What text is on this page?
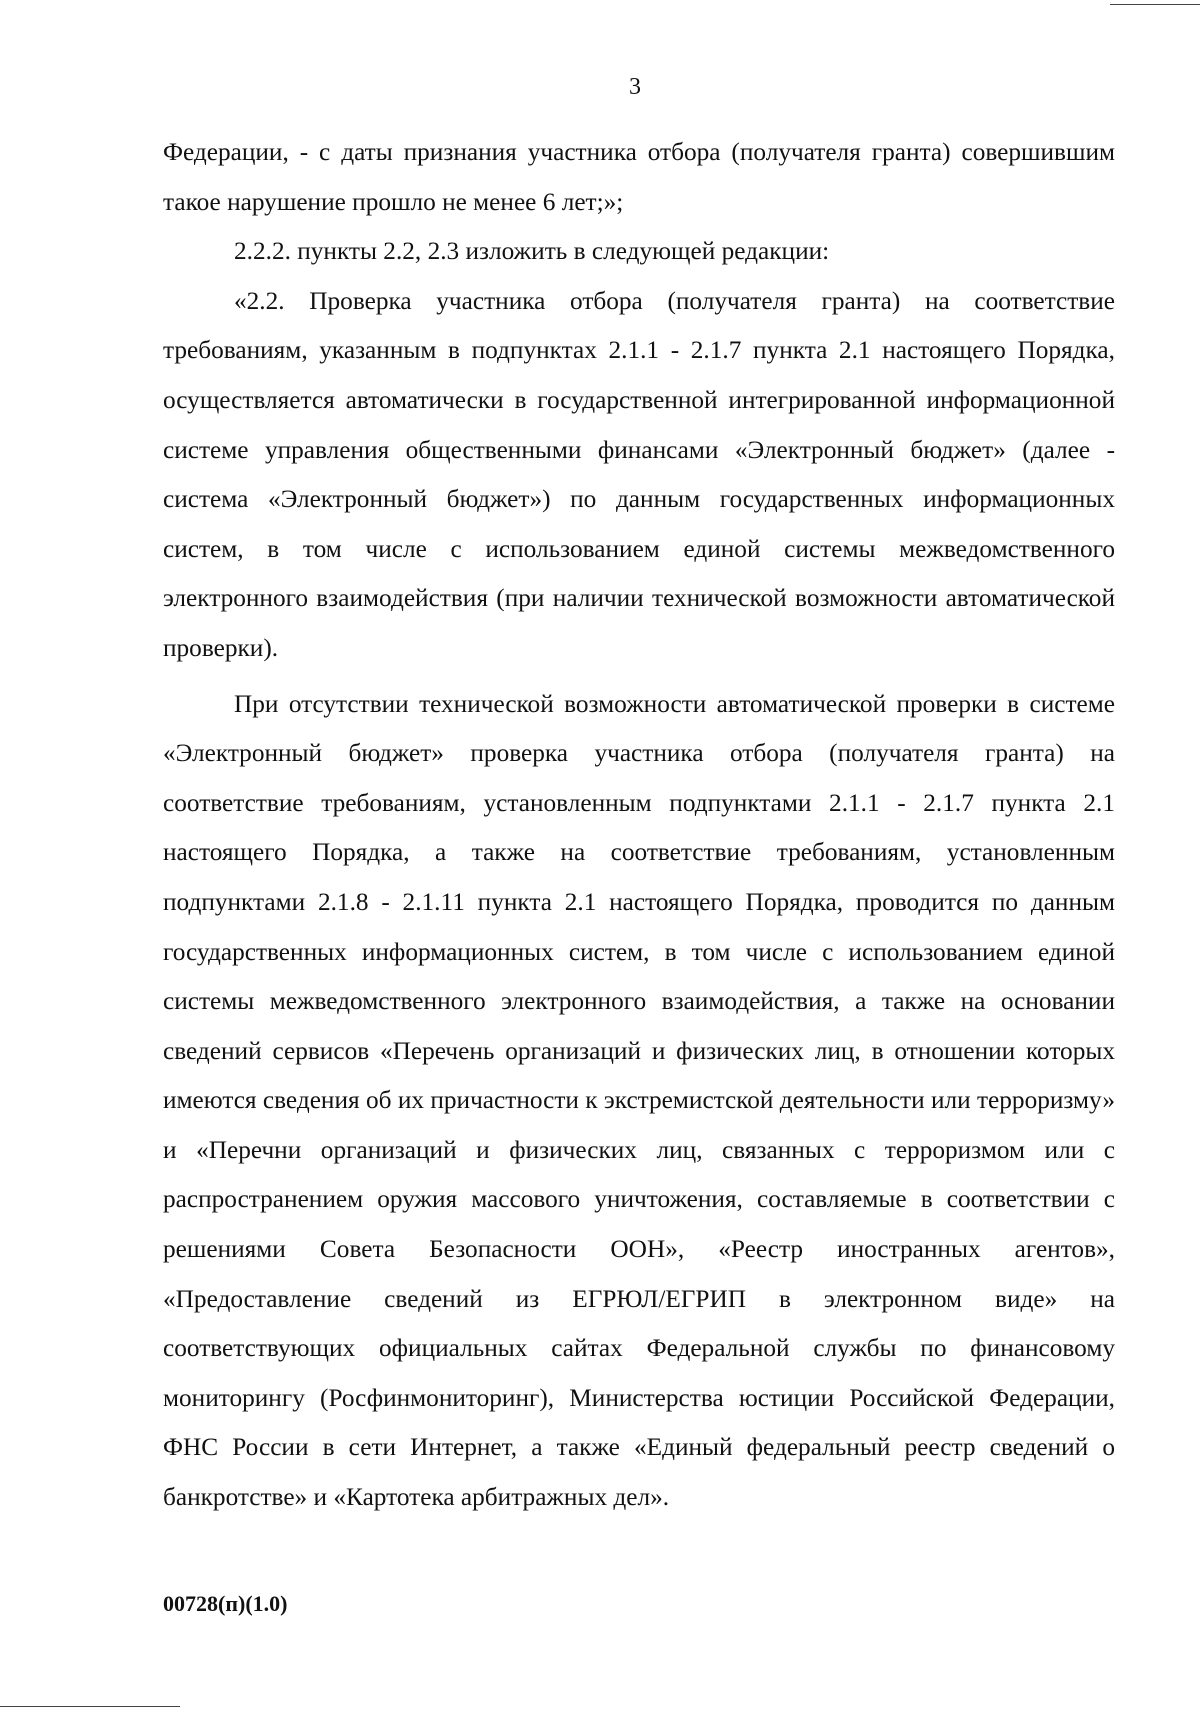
3

Федерации, - с даты признания участника отбора (получателя гранта) совершившим такое нарушение прошло не менее 6 лет;»;

2.2.2. пункты 2.2, 2.3 изложить в следующей редакции:

«2.2. Проверка участника отбора (получателя гранта) на соответствие требованиям, указанным в подпунктах 2.1.1 - 2.1.7 пункта 2.1 настоящего Порядка, осуществляется автоматически в государственной интегрированной информационной системе управления общественными финансами «Электронный бюджет» (далее - система «Электронный бюджет») по данным государственных информационных систем, в том числе с использованием единой системы межведомственного электронного взаимодействия (при наличии технической возможности автоматической проверки).

При отсутствии технической возможности автоматической проверки в системе «Электронный бюджет» проверка участника отбора (получателя гранта) на соответствие требованиям, установленным подпунктами 2.1.1 - 2.1.7 пункта 2.1 настоящего Порядка, а также на соответствие требованиям, установленным подпунктами 2.1.8 - 2.1.11 пункта 2.1 настоящего Порядка, проводится по данным государственных информационных систем, в том числе с использованием единой системы межведомственного электронного взаимодействия, а также на основании сведений сервисов «Перечень организаций и физических лиц, в отношении которых имеются сведения об их причастности к экстремистской деятельности или терроризму» и «Перечни организаций и физических лиц, связанных с терроризмом или с распространением оружия массового уничтожения, составляемые в соответствии с решениями Совета Безопасности ООН», «Реестр иностранных агентов», «Предоставление сведений из ЕГРЮЛ/ЕГРИП в электронном виде» на соответствующих официальных сайтах Федеральной службы по финансовому мониторингу (Росфинмониторинг), Министерства юстиции Российской Федерации, ФНС России в сети Интернет, а также «Единый федеральный реестр сведений о банкротстве» и «Картотека арбитражных дел».

00728(п)(1.0)
